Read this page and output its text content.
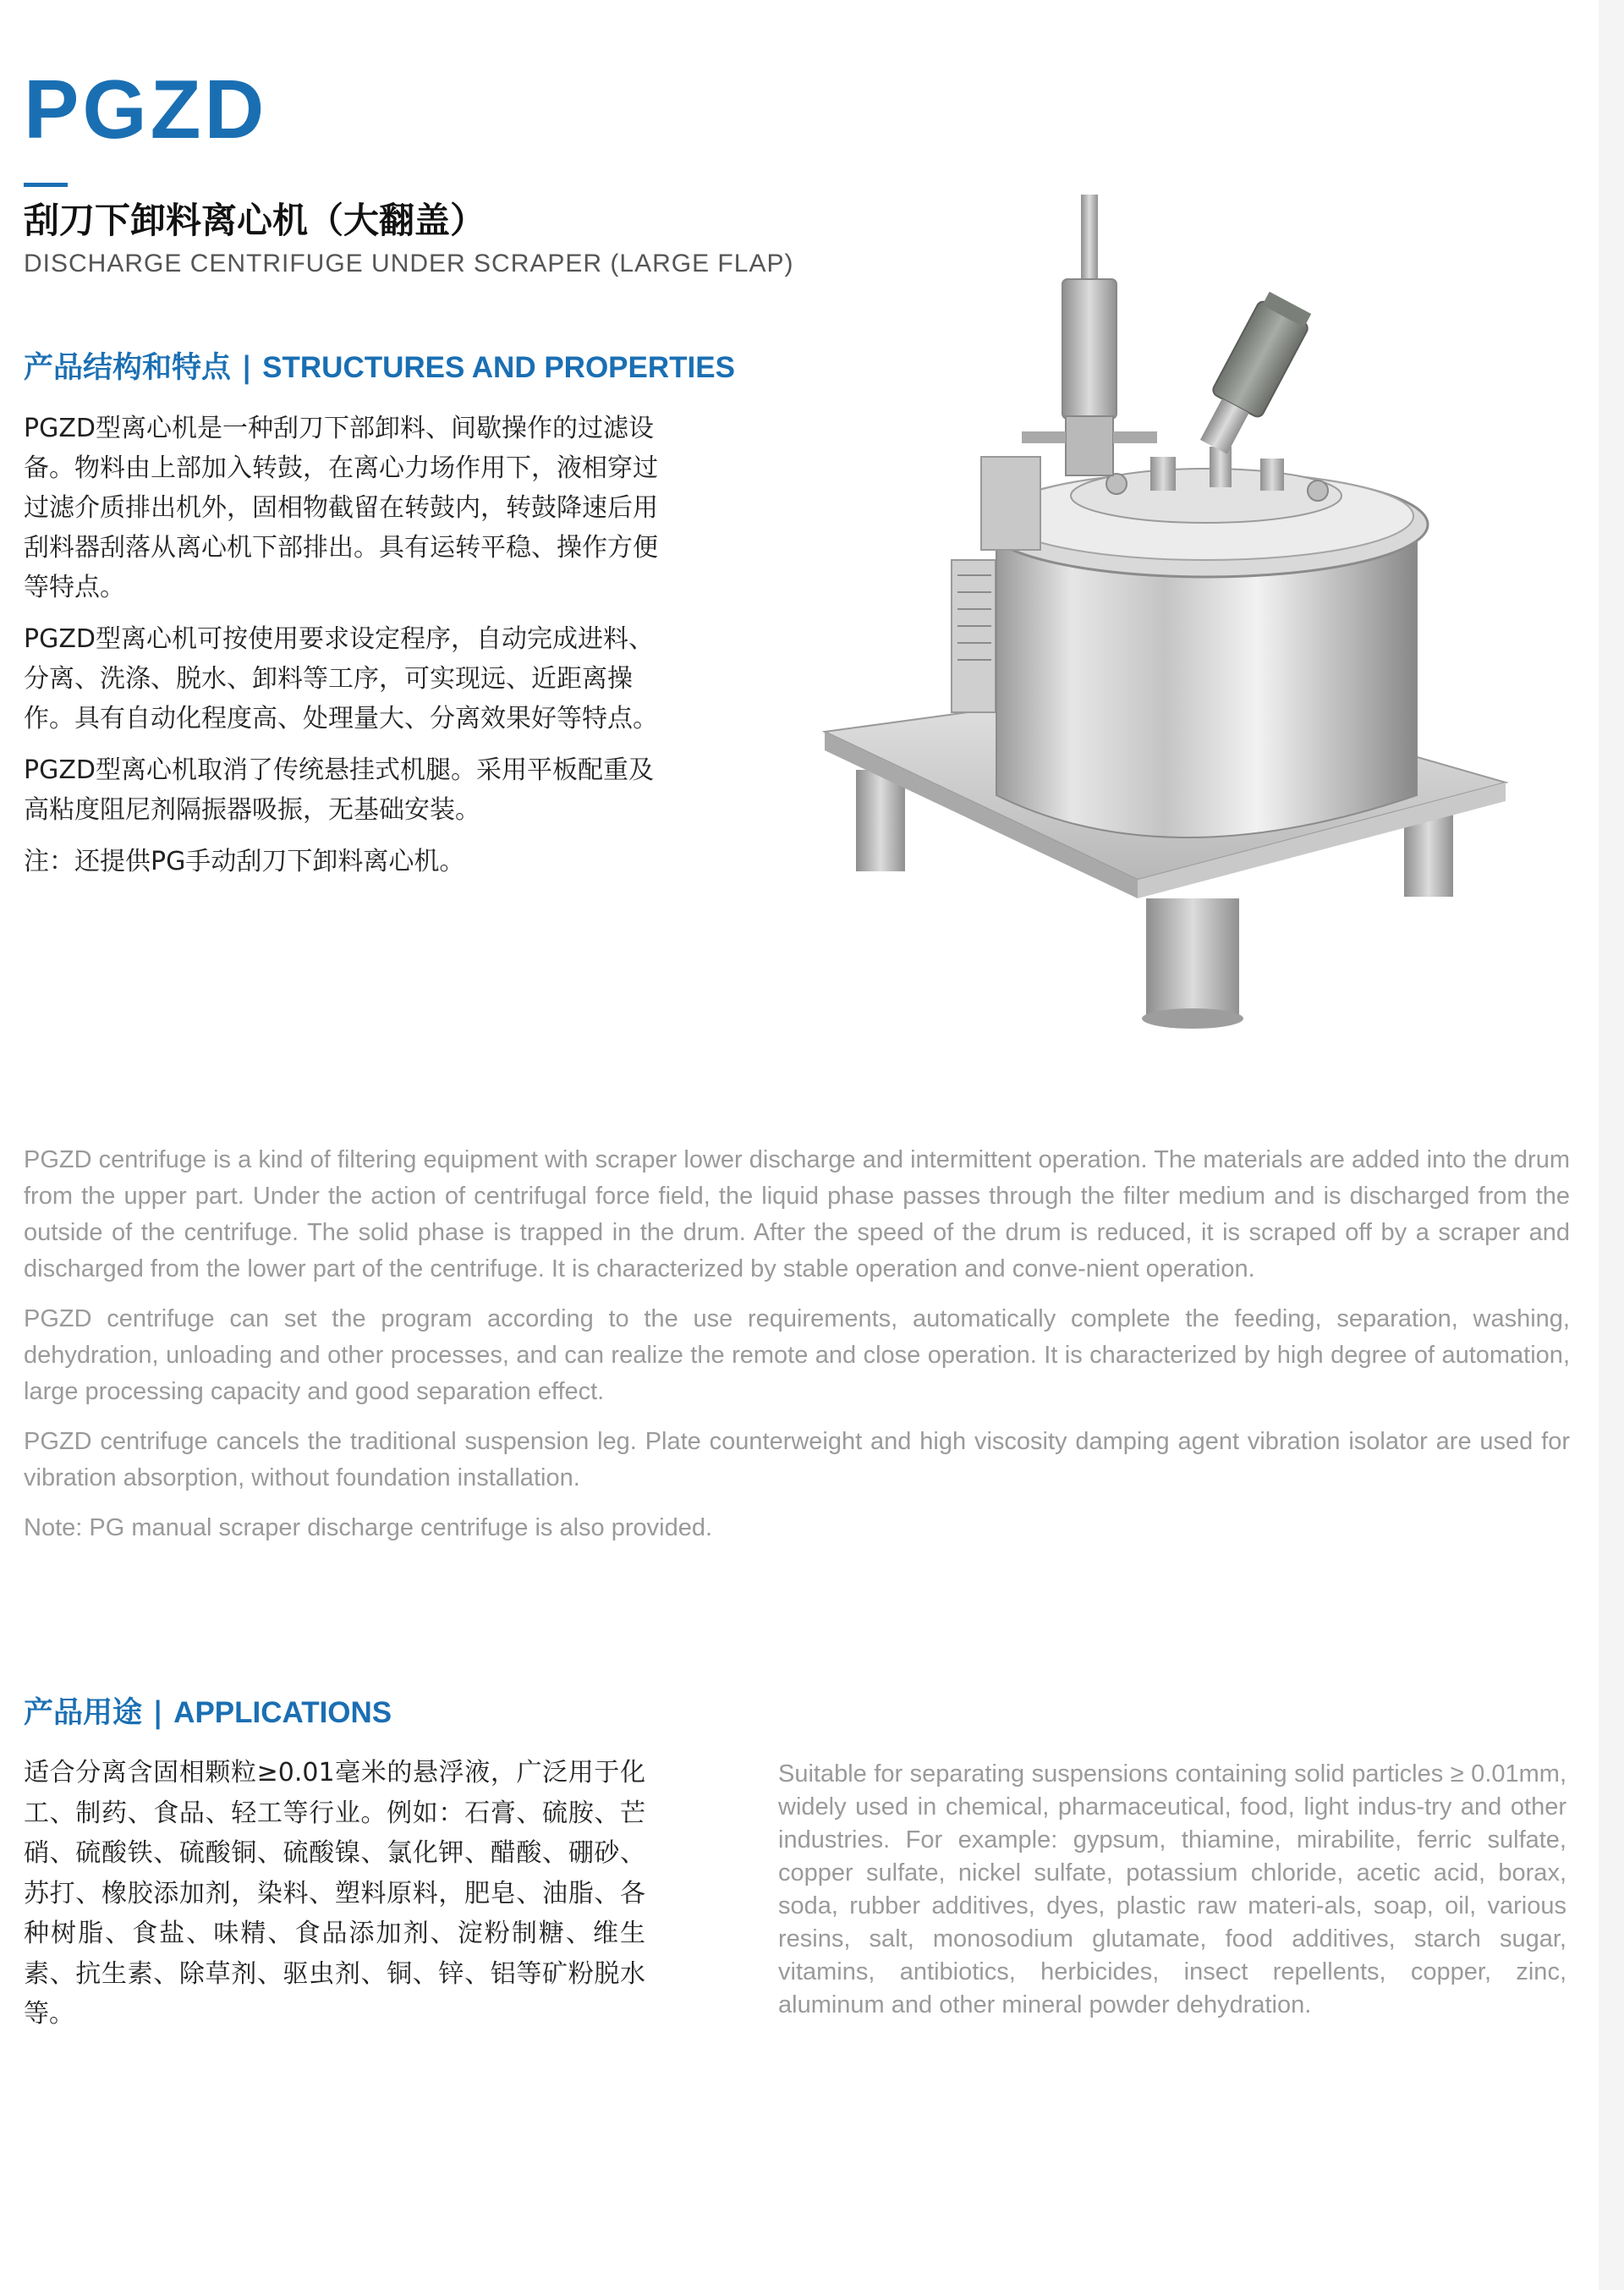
PGZD
刮刀下卸料离心机（大翻盖）
DISCHARGE CENTRIFUGE UNDER SCRAPER (LARGE FLAP)
产品结构和特点 | STRUCTURES AND PROPERTIES

PGZD型离心机是一种刮刀下部卸料、间歇操作的过滤设备。物料由上部加入转鼓，在离心力场作用下，液相穿过过滤介质排出机外，固相物截留在转鼓内，转鼓降速后用刮料器刮落从离心机下部排出。具有运转平稳、操作方便等特点。

PGZD型离心机可按使用要求设定程序，自动完成进料、分离、洗涤、脱水、卸料等工序，可实现远、近距离操作。具有自动化程度高、处理量大、分离效果好等特点。

PGZD型离心机取消了传统悬挂式机腿。采用平板配重及高粘度阻尼剂隔振器吸振，无基础安装。

注：还提供PG手动刮刀下卸料离心机。

PGZD centrifuge is a kind of filtering equipment with scraper lower discharge and intermittent operation. The materials are added into the drum from the upper part. Under the action of centrifugal force field, the liquid phase passes through the filter medium and is discharged from the outside of the centrifuge. The solid phase is trapped in the drum. After the speed of the drum is reduced, it is scraped off by a scraper and discharged from the lower part of the centrifuge. It is characterized by stable operation and conve-nient operation.

PGZD centrifuge can set the program according to the use requirements, automatically complete the feeding, separation, washing, dehydration, unloading and other processes, and can realize the remote and close operation. It is characterized by high degree of automation, large processing capacity and good separation effect.

PGZD centrifuge cancels the traditional suspension leg. Plate counterweight and high viscosity damping agent vibration isolator are used for vibration absorption, without foundation installation.

Note: PG manual scraper discharge centrifuge is also provided.

产品用途 | APPLICATIONS

适合分离含固相颗粒≥0.01毫米的悬浮液，广泛用于化工、制药、食品、轻工等行业。例如：石膏、硫胺、芒硝、硫酸铁、硫酸铜、硫酸镍、氯化钾、醋酸、硼砂、苏打、橡胶添加剂，染料、塑料原料，肥皂、油脂、各种树脂、食盐、味精、食品添加剂、淀粉制糖、维生素、抗生素、除草剂、驱虫剂、铜、锌、铝等矿粉脱水等。

Suitable for separating suspensions containing solid particles ≥ 0.01mm, widely used in chemical, pharmaceutical, food, light indus-try and other industries. For example: gypsum, thiamine, mirabilite, ferric sulfate, copper sulfate, nickel sulfate, potassium chloride, acetic acid, borax, soda, rubber additives, dyes, plastic raw materi-als, soap, oil, various resins, salt, monosodium glutamate, food additives, starch sugar, vitamins, antibiotics, herbicides, insect repellents, copper, zinc, aluminum and other mineral powder dehydration.
